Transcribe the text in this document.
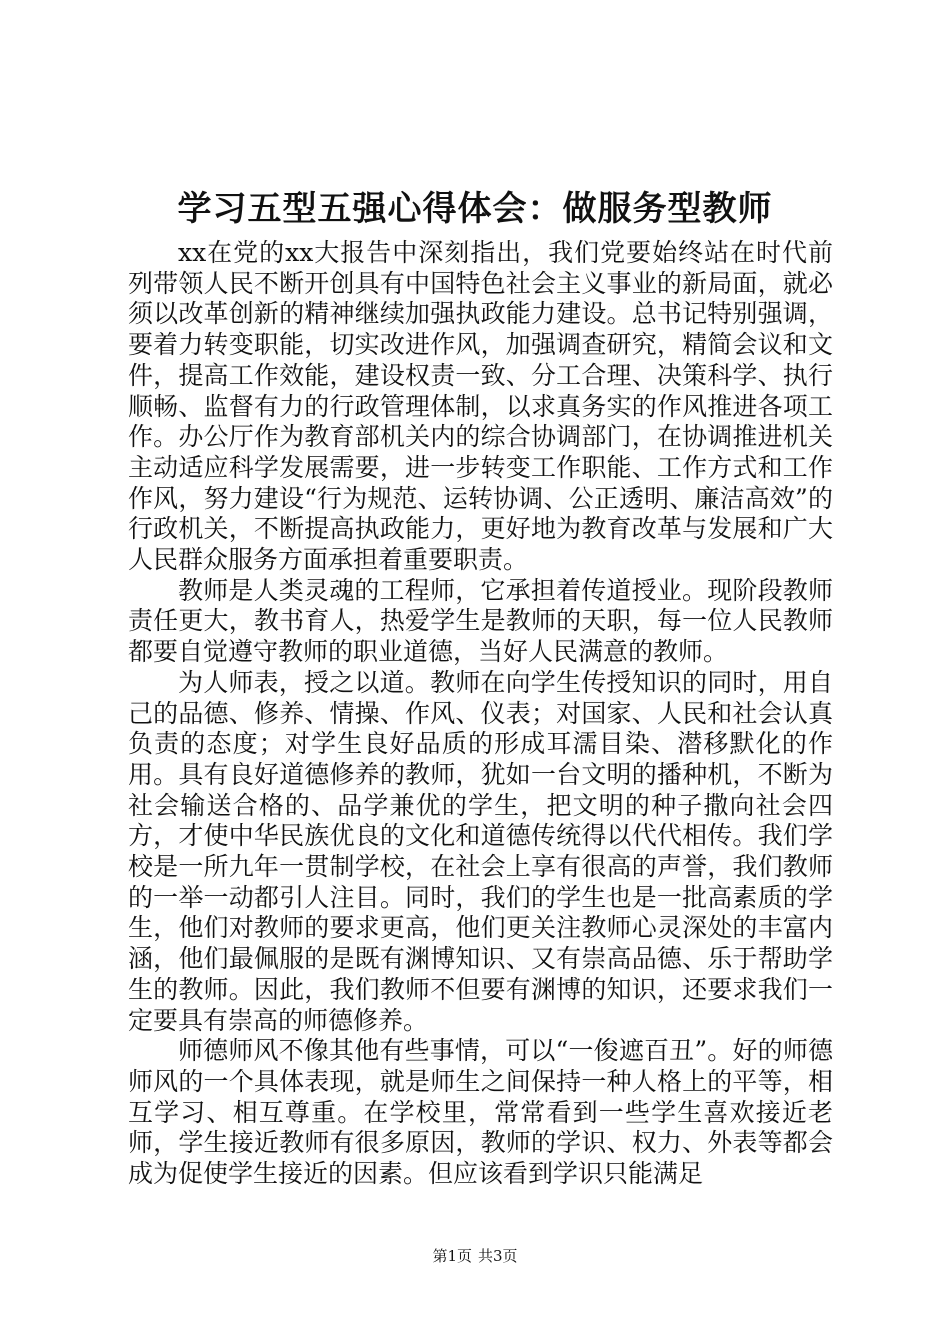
学习五型五强心得体会：做服务型教师

xx在党的xx大报告中深刻指出，我们党要始终站在时代前列带领人民不断开创具有中国特色社会主义事业的新局面，就必须以改革创新的精神继续加强执政能力建设。总书记特别强调，要着力转变职能，切实改进作风，加强调查研究，精简会议和文件，提高工作效能，建设权责一致、分工合理、决策科学、执行顺畅、监督有力的行政管理体制，以求真务实的作风推进各项工作。办公厅作为教育部机关内的综合协调部门，在协调推进机关主动适应科学发展需要，进一步转变工作职能、工作方式和工作作风，努力建设“行为规范、运转协调、公正透明、廉洁高效”的行政机关，不断提高执政能力，更好地为教育改革与发展和广大人民群众服务方面承担着重要职责。

教师是人类灵魂的工程师，它承担着传道授业。现阶段教师责任更大，教书育人，热爱学生是教师的天职，每一位人民教师都要自觉遵守教师的职业道德，当好人民满意的教师。

为人师表，授之以道。教师在向学生传授知识的同时，用自己的品德、修养、情操、作风、仪表；对国家、人民和社会认真负责的态度；对学生良好品质的形成耳濡目染、潜移默化的作用。具有良好道德修养的教师，犹如一台文明的播种机，不断为社会输送合格的、品学兼优的学生，把文明的种子撒向社会四方，才使中华民族优良的文化和道德传统得以代代相传。我们学校是一所九年一贯制学校，在社会上享有很高的声誉，我们教师的一举一动都引人注目。同时，我们的学生也是一批高素质的学生，他们对教师的要求更高，他们更关注教师心灵深处的丰富内涵，他们最佩服的是既有渊博知识、又有崇高品德、乐于帮助学生的教师。因此，我们教师不但要有渊博的知识，还要求我们一定要具有崇高的师德修养。

师德师风不像其他有些事情，可以“一俊遮百丑”。好的师德师风的一个具体表现，就是师生之间保持一种人格上的平等，相互学习、相互尊重。在学校里，常常看到一些学生喜欢接近老师，学生接近教师有很多原因，教师的学识、权力、外表等都会成为促使学生接近的因素。但应该看到学识只能满足

第1页 共3页
